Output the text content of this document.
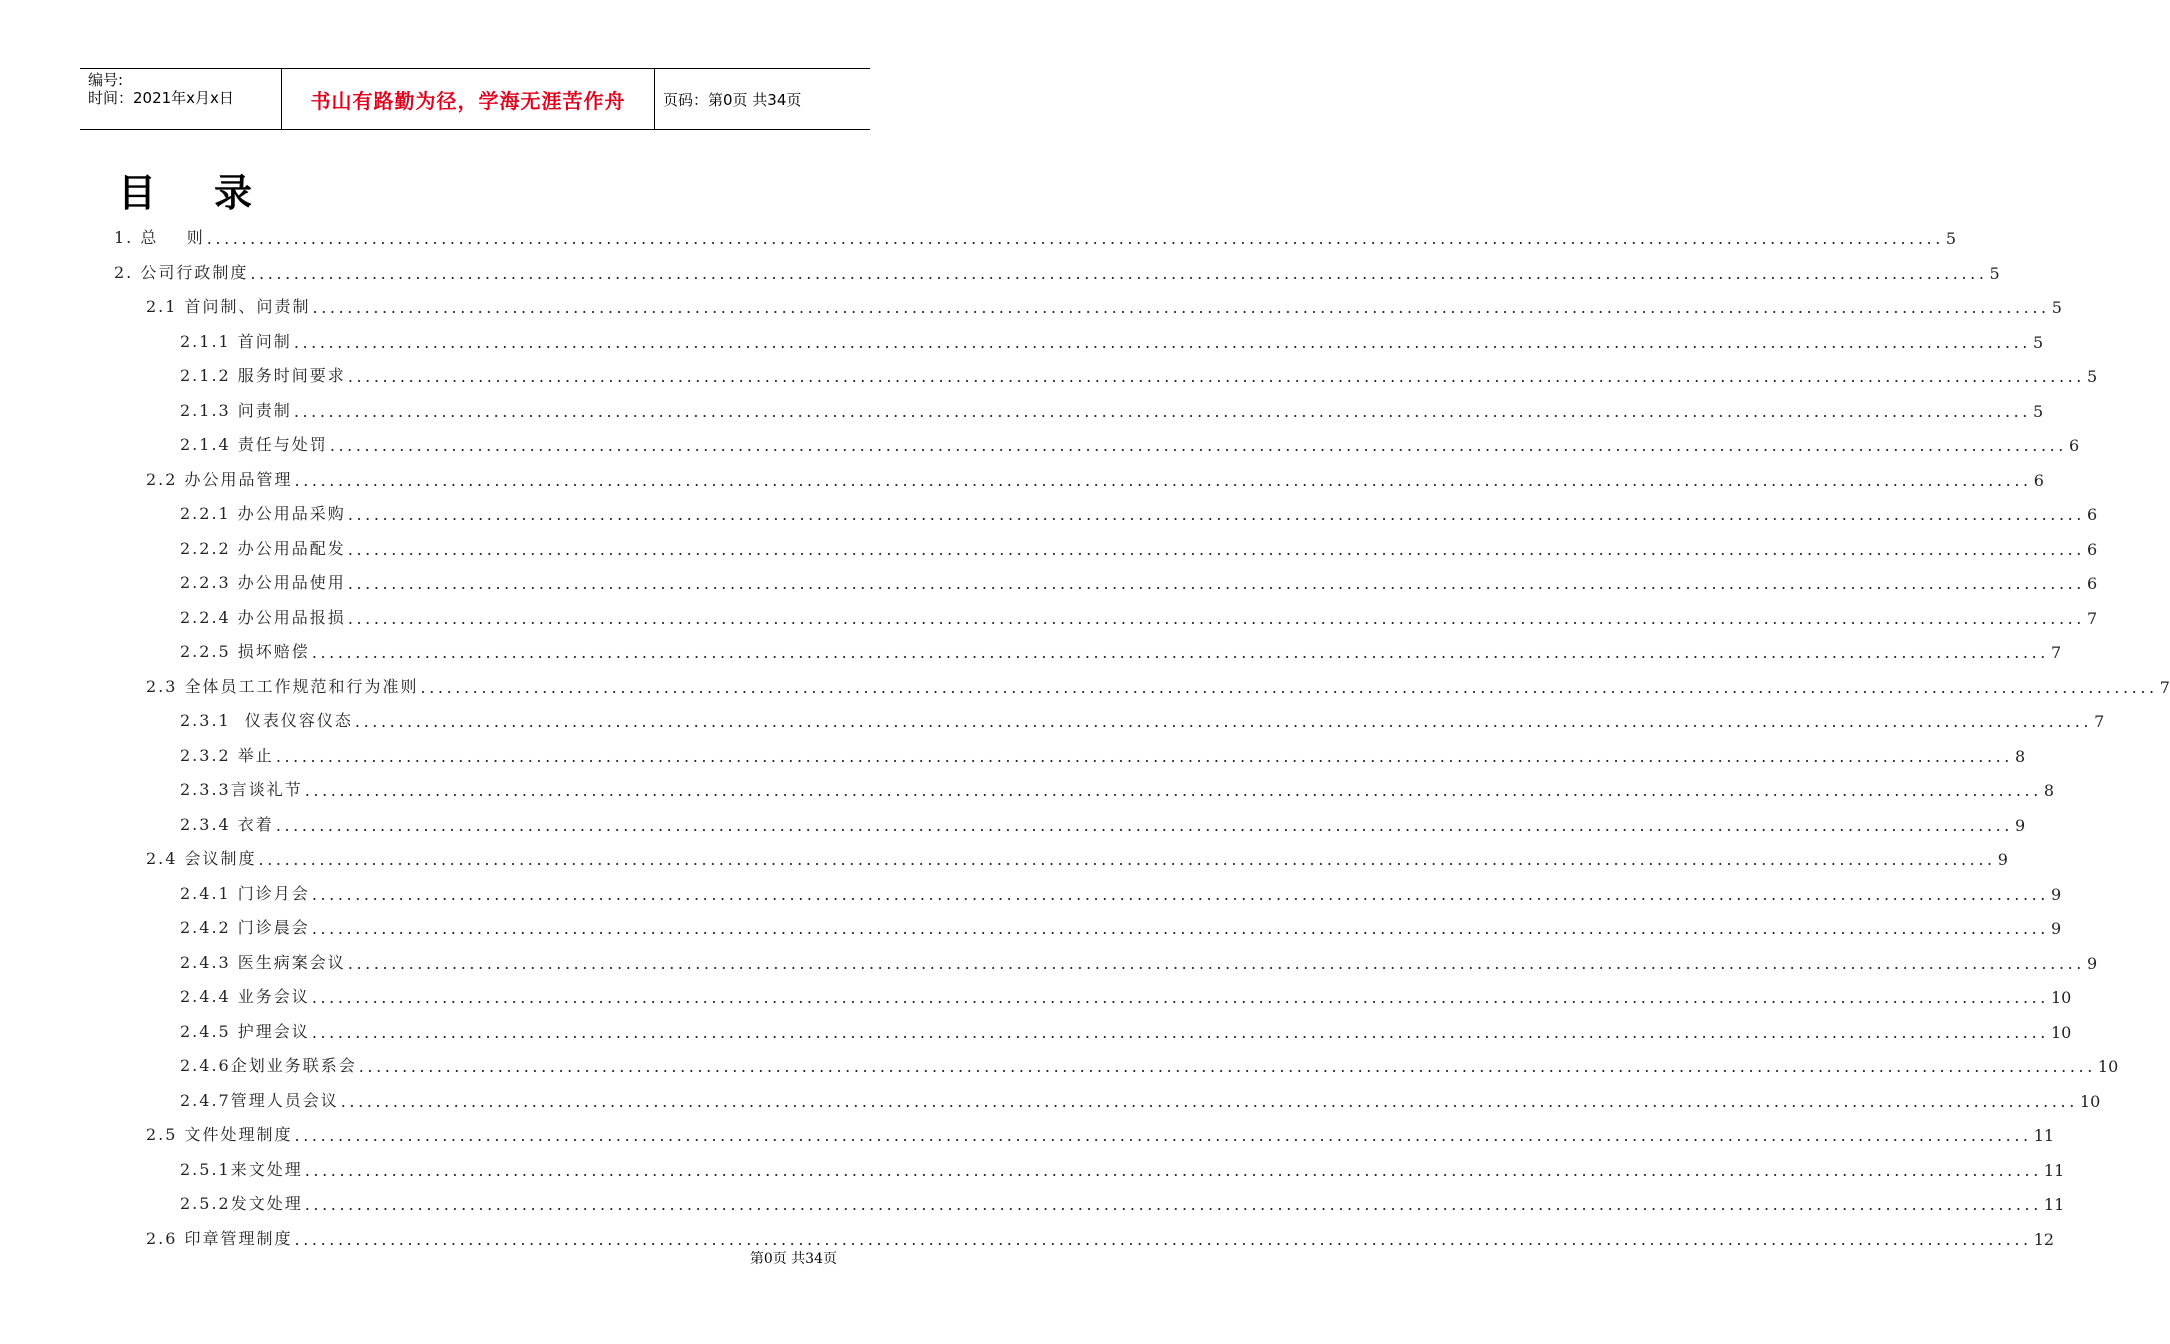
编号:
时间：2021年x月x日	书山有路勤为径，学海无涯苦作舟	页码：第0页 共34页
目 录
1. 总    则 ........................................................................................................................................................................................................ 5
2. 公司行政制度 ........................................................................................................................................................................................................ 5
2.1 首问制、问责制 ........................................................................................................................................................................................................ 5
2.1.1 首问制 ........................................................................................................................................................................................................ 5
2.1.2 服务时间要求 ........................................................................................................................................................................................................ 5
2.1.3 问责制 ........................................................................................................................................................................................................ 5
2.1.4 责任与处罚 ........................................................................................................................................................................................................ 6
2.2 办公用品管理 ........................................................................................................................................................................................................ 6
2.2.1 办公用品采购 ........................................................................................................................................................................................................ 6
2.2.2 办公用品配发 ........................................................................................................................................................................................................ 6
2.2.3 办公用品使用 ........................................................................................................................................................................................................ 6
2.2.4 办公用品报损 ........................................................................................................................................................................................................ 7
2.2.5 损坏赔偿 ........................................................................................................................................................................................................ 7
2.3 全体员工工作规范和行为准则 ........................................................................................................................................................................................................ 7
2.3.1  仪表仪容仪态 ........................................................................................................................................................................................................ 7
2.3.2 举止 ........................................................................................................................................................................................................ 8
2.3.3言谈礼节 ........................................................................................................................................................................................................ 8
2.3.4 衣着 ........................................................................................................................................................................................................ 9
2.4 会议制度 ........................................................................................................................................................................................................ 9
2.4.1 门诊月会 ........................................................................................................................................................................................................ 9
2.4.2 门诊晨会 ........................................................................................................................................................................................................ 9
2.4.3 医生病案会议 ........................................................................................................................................................................................................ 9
2.4.4 业务会议 ........................................................................................................................................................................................................ 10
2.4.5 护理会议 ........................................................................................................................................................................................................ 10
2.4.6企划业务联系会 ........................................................................................................................................................................................................ 10
2.4.7管理人员会议 ........................................................................................................................................................................................................ 10
2.5 文件处理制度 ........................................................................................................................................................................................................ 11
2.5.1来文处理 ........................................................................................................................................................................................................ 11
2.5.2发文处理 ........................................................................................................................................................................................................ 11
2.6 印章管理制度 ........................................................................................................................................................................................................ 12
第0页 共34页
